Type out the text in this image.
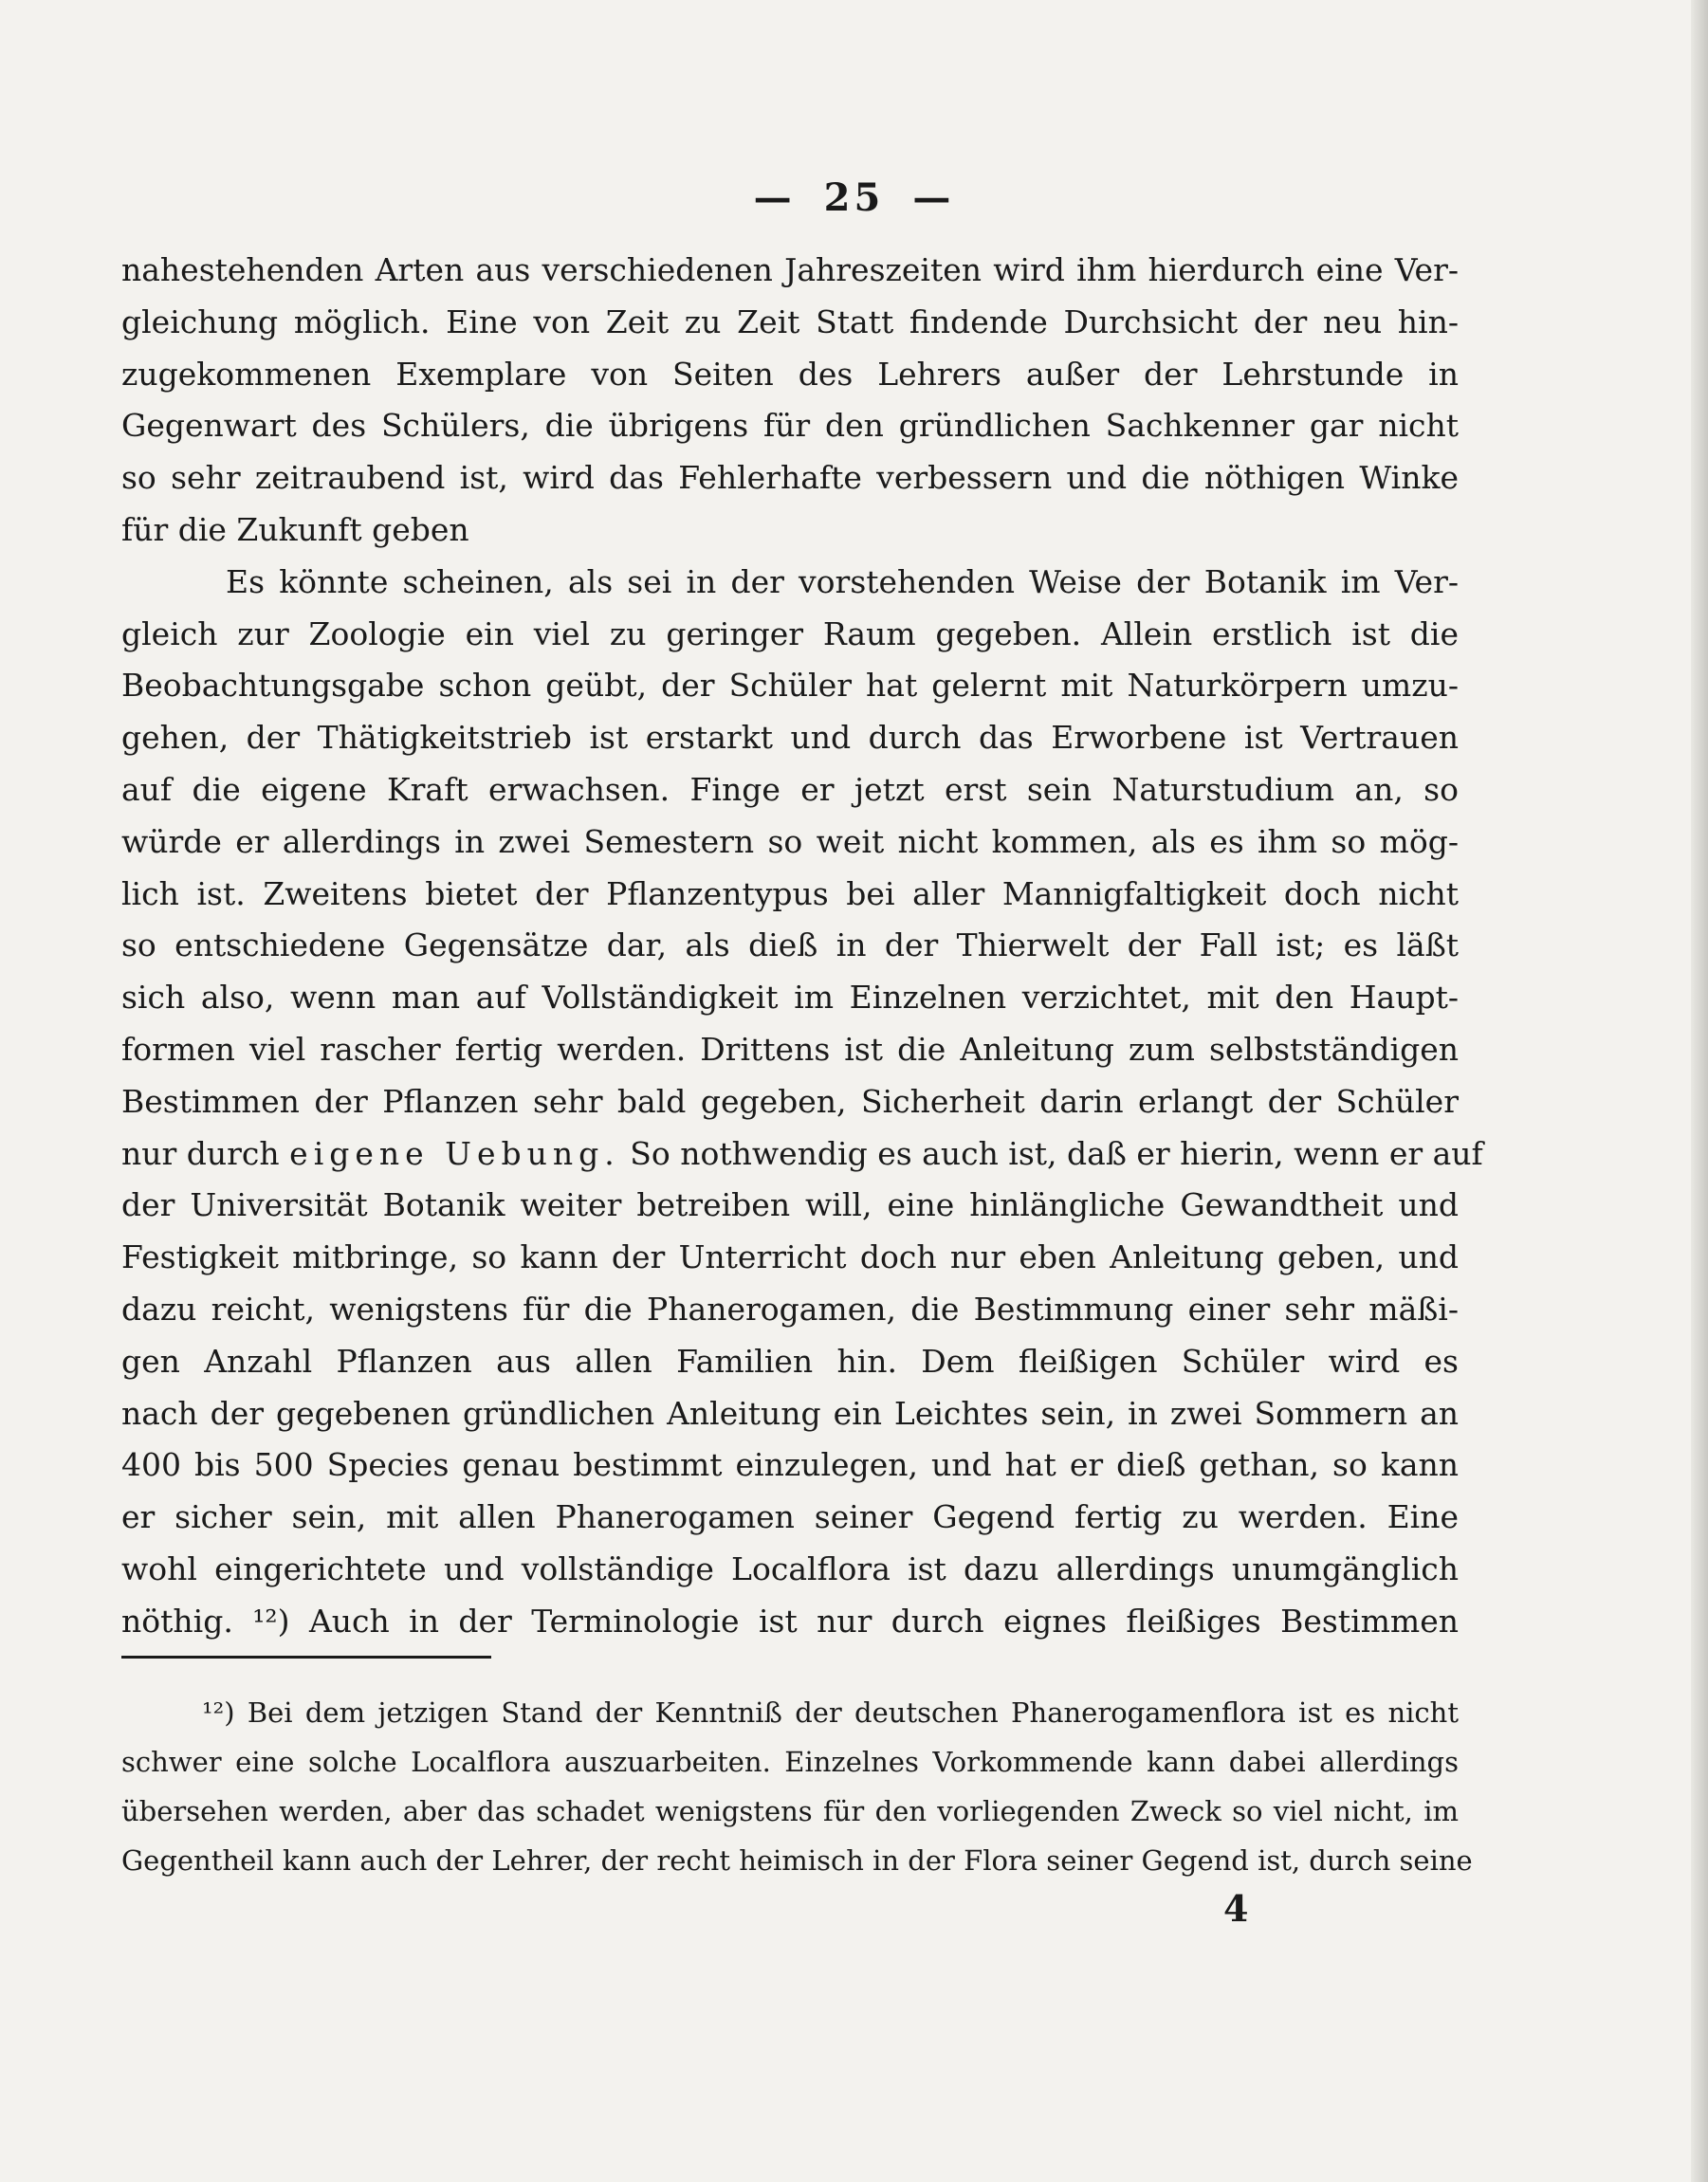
— 25 —
nahestehenden Arten aus verschiedenen Jahreszeiten wird ihm hierdurch eine Ver-
gleichung möglich. Eine von Zeit zu Zeit Statt findende Durchsicht der neu hin-
zugekommenen Exemplare von Seiten des Lehrers außer der Lehrstunde in
Gegenwart des Schülers, die übrigens für den gründlichen Sachkenner gar nicht
so sehr zeitraubend ist, wird das Fehlerhafte verbessern und die nöthigen Winke
für die Zukunft geben
Es könnte scheinen, als sei in der vorstehenden Weise der Botanik im Ver-
gleich zur Zoologie ein viel zu geringer Raum gegeben. Allein erstlich ist die
Beobachtungsgabe schon geübt, der Schüler hat gelernt mit Naturkörpern umzu-
gehen, der Thätigkeitstrieb ist erstarkt und durch das Erworbene ist Vertrauen
auf die eigene Kraft erwachsen. Finge er jetzt erst sein Naturstudium an, so
würde er allerdings in zwei Semestern so weit nicht kommen, als es ihm so mög-
lich ist. Zweitens bietet der Pflanzentypus bei aller Mannigfaltigkeit doch nicht
so entschiedene Gegensätze dar, als dieß in der Thierwelt der Fall ist; es läßt
sich also, wenn man auf Vollständigkeit im Einzelnen verzichtet, mit den Haupt-
formen viel rascher fertig werden. Drittens ist die Anleitung zum selbstständigen
Bestimmen der Pflanzen sehr bald gegeben, Sicherheit darin erlangt der Schüler
nur durch eigene Uebung. So nothwendig es auch ist, daß er hierin, wenn er auf
der Universität Botanik weiter betreiben will, eine hinlängliche Gewandtheit und
Festigkeit mitbringe, so kann der Unterricht doch nur eben Anleitung geben, und
dazu reicht, wenigstens für die Phanerogamen, die Bestimmung einer sehr mäßi-
gen Anzahl Pflanzen aus allen Familien hin. Dem fleißigen Schüler wird es
nach der gegebenen gründlichen Anleitung ein Leichtes sein, in zwei Sommern an
400 bis 500 Species genau bestimmt einzulegen, und hat er dieß gethan, so kann
er sicher sein, mit allen Phanerogamen seiner Gegend fertig zu werden. Eine
wohl eingerichtete und vollständige Localflora ist dazu allerdings unumgänglich
nöthig. ¹²) Auch in der Terminologie ist nur durch eignes fleißiges Bestimmen
¹²) Bei dem jetzigen Stand der Kenntniß der deutschen Phanerogamenflora ist es nicht
schwer eine solche Localflora auszuarbeiten. Einzelnes Vorkommende kann dabei allerdings
übersehen werden, aber das schadet wenigstens für den vorliegenden Zweck so viel nicht, im
Gegentheil kann auch der Lehrer, der recht heimisch in der Flora seiner Gegend ist, durch seine
4
